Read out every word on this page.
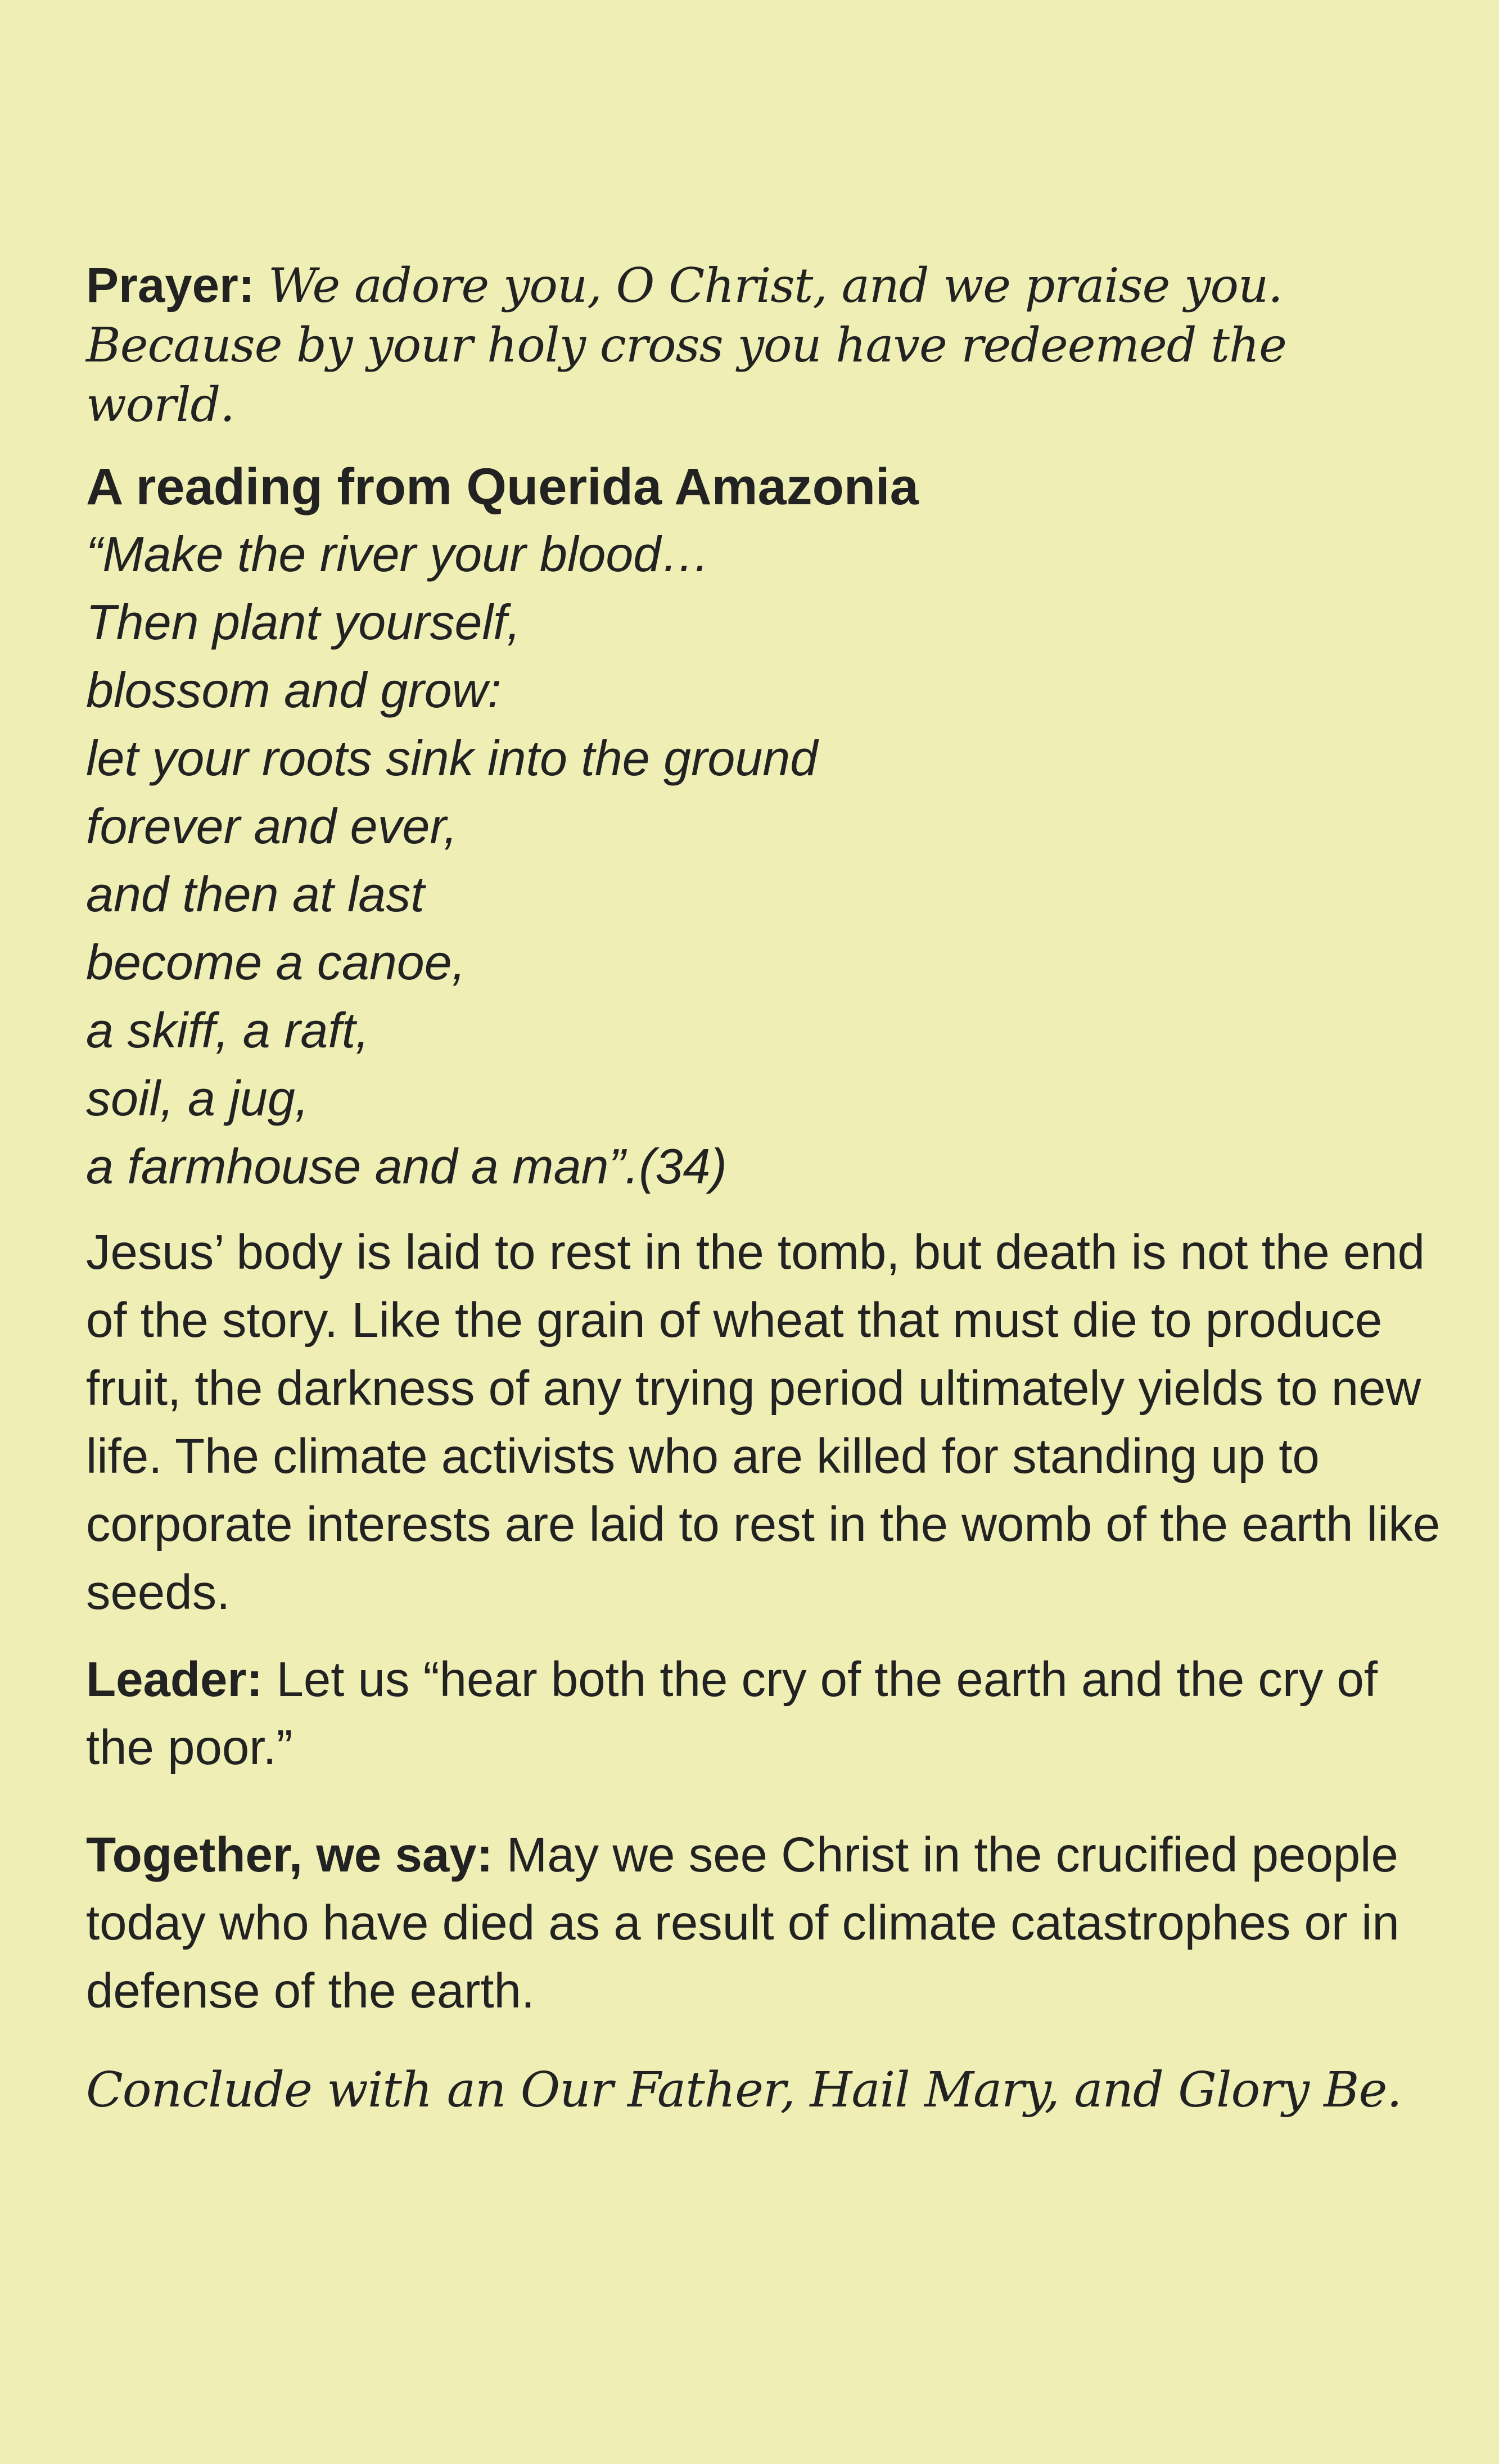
Prayer: We adore you, O Christ, and we praise you.
Because by your holy cross you have redeemed the world.

A reading from Querida Amazonia

“Make the river your blood…
Then plant yourself,
blossom and grow:
let your roots sink into the ground
forever and ever,
and then at last
become a canoe,
a skiff, a raft,
soil, a jug,
a farmhouse and a man”.(34)

Jesus’ body is laid to rest in the tomb, but death is not the end of the story. Like the grain of wheat that must die to produce fruit, the darkness of any trying period ultimately yields to new life. The climate activists who are killed for standing up to corporate interests are laid to rest in the womb of the earth like seeds.

Leader: Let us “hear both the cry of the earth and the cry of the poor.”

Together, we say: May we see Christ in the crucified people today who have died as a result of climate catastrophes or in defense of the earth.

Conclude with an Our Father, Hail Mary, and Glory Be.
